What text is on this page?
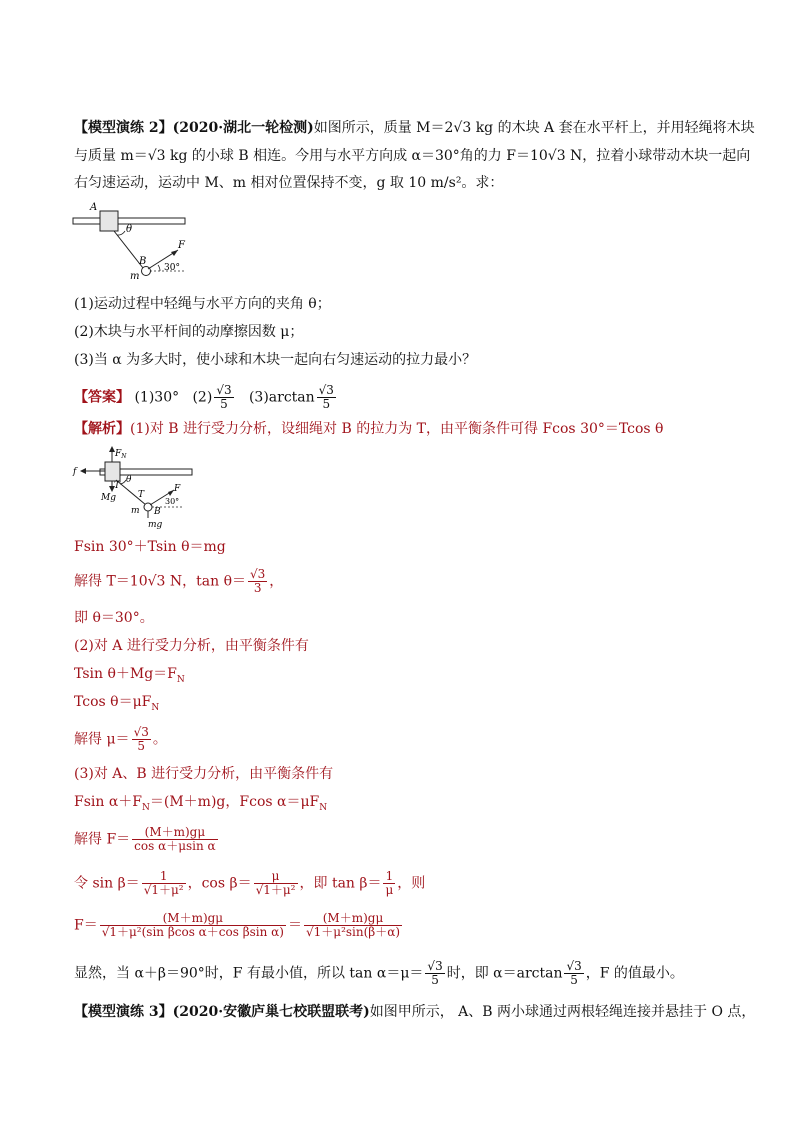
【模型演练 2】(2020·湖北一轮检测)如图所示，质量 M＝2√3 kg 的木块 A 套在水平杆上，并用轻绳将木块
与质量 m＝√3 kg 的小球 B 相连。今用与水平方向成 α＝30°角的力 F＝10√3 N，拉着小球带动木块一起向
右匀速运动，运动中 M、m 相对位置保持不变，g 取 10 m/s²。求：
A
θ
F
B
m
30°
(1)运动过程中轻绳与水平方向的夹角 θ；
(2)木块与水平杆间的动摩擦因数 μ；
(3)当 α 为多大时，使小球和木块一起向右匀速运动的拉力最小？
【答案】 (1)30° $(2) \frac{√3}{5} (3)\arctan \frac{√3}{5}$
【解析】(1)对 B 进行受力分析，设细绳对 B 的拉力为 T，由平衡条件可得 Fcos 30°＝Tcos θ
$F_N$
f
θ
T
Mg T
F
30°
m B
mg
Fsin 30°＋Tsin θ＝mg
解得 T＝10√3 N，$\tan \theta= \frac{√3}{3}$ ，
即 θ＝30°。
(2)对 A 进行受力分析，由平衡条件有
Tsin $\theta+Mg=F_N$
Tcos $\theta=\mu F_N$
解得 $\mu= \frac{√3}{5}$ 。
(3)对 A、B 进行受力分析，由平衡条件有
Fsin $\alpha+F_N=(M+m)g$，Fcos $\alpha=\mu F_N$
解得 $F= \frac{(M+m)g\mu}{\text{cos α＋μsin α}}$
令 $\sin \beta= \frac{1}{\text{√1＋μ²}}$ ，$\cos \beta= \frac{\mu}{\text{√1＋μ²}}$ ，即 $\tan \beta= \frac{1}{\mu}$ ，则
$F= \frac{(M+m)g\mu}{\text{√1＋μ²(sin βcos α＋cos βsin α)}} = \frac{(M+m)g\mu}{\text{√1＋μ²sin(β＋α)}}$
显然，当 α＋β＝90°时，F 有最小值，所以 $\tan \alpha=\mu= \frac{√3}{5}$ 时，即 $\alpha=\arctan \frac{√3}{5}$ ，F 的值最小。
【模型演练 3】(2020·安徽庐巢七校联盟联考)如图甲所示， A、B 两小球通过两根轻绳连接并悬挂于 O 点，
